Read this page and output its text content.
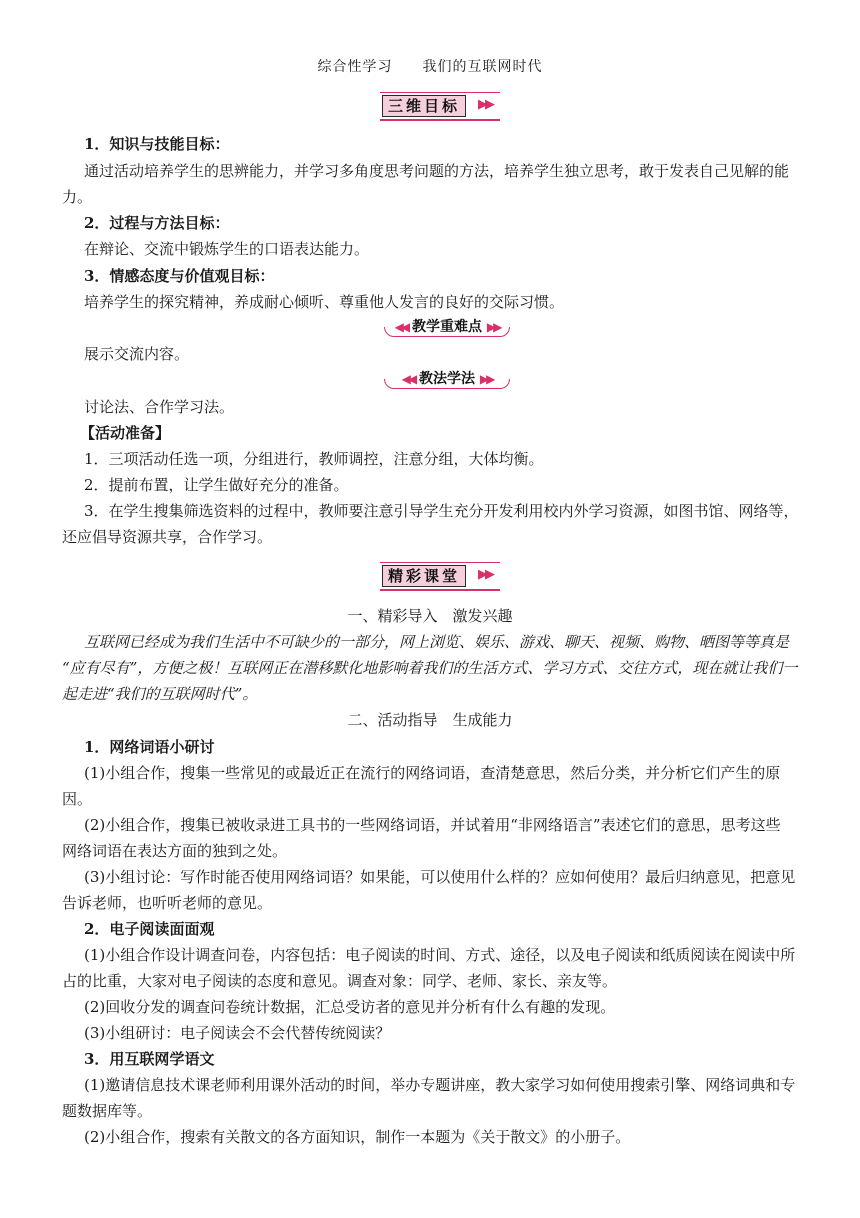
综合性学习 我们的互联网时代
三维目标	▶▶
1．知识与技能目标：
通过活动培养学生的思辨能力，并学习多角度思考问题的方法，培养学生独立思考，敢于发表自己见解的能
力。
2．过程与方法目标：
在辩论、交流中锻炼学生的口语表达能力。
3．情感态度与价值观目标：
培养学生的探究精神，养成耐心倾听、尊重他人发言的良好的交际习惯。
◀◀ 教学重难点 ▶▶
展示交流内容。
◀◀ 教法学法 ▶▶
讨论法、合作学习法。
【活动准备】
1．三项活动任选一项，分组进行，教师调控，注意分组，大体均衡。
2．提前布置，让学生做好充分的准备。
3．在学生搜集筛选资料的过程中，教师要注意引导学生充分开发利用校内外学习资源，如图书馆、网络等，
还应倡导资源共享，合作学习。
精彩课堂	▶▶
一、精彩导入　激发兴趣
互联网已经成为我们生活中不可缺少的一部分，网上浏览、娱乐、游戏、聊天、视频、购物、晒图等等真是
“应有尽有”，方便之极！互联网正在潜移默化地影响着我们的生活方式、学习方式、交往方式，现在就让我们一
起走进“我们的互联网时代”。
二、活动指导　生成能力
1．网络词语小研讨
(1)小组合作，搜集一些常见的或最近正在流行的网络词语，查清楚意思，然后分类，并分析它们产生的原
因。
(2)小组合作，搜集已被收录进工具书的一些网络词语，并试着用“非网络语言”表述它们的意思，思考这些
网络词语在表达方面的独到之处。
(3)小组讨论：写作时能否使用网络词语？如果能，可以使用什么样的？应如何使用？最后归纳意见，把意见
告诉老师，也听听老师的意见。
2．电子阅读面面观
(1)小组合作设计调查问卷，内容包括：电子阅读的时间、方式、途径，以及电子阅读和纸质阅读在阅读中所
占的比重，大家对电子阅读的态度和意见。调查对象：同学、老师、家长、亲友等。
(2)回收分发的调查问卷统计数据，汇总受访者的意见并分析有什么有趣的发现。
(3)小组研讨：电子阅读会不会代替传统阅读？
3．用互联网学语文
(1)邀请信息技术课老师利用课外活动的时间，举办专题讲座，教大家学习如何使用搜索引擎、网络词典和专
题数据库等。
(2)小组合作，搜索有关散文的各方面知识，制作一本题为《关于散文》的小册子。
